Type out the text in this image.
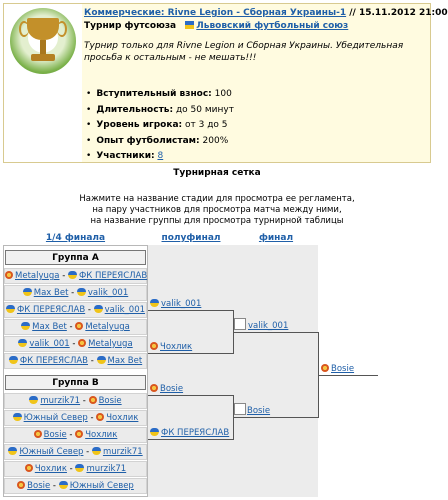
Коммерческие: Rivne Legion - Сборная Украины-1 // 15.11.2012 21:00
Турнир футсоюза Львовский футбольный союз
Турнир только для Rivne Legion и Сборная Украины. Убедительная просьба к остальным - не мешать!!!
• Вступительный взнос: 100
• Длительность: до 50 минут
• Уровень игрока: от 3 до 5
• Опыт футболистам: 200%
• Участники: 8
Турнирная сетка
Нажмите на название стадии для просмотра ее регламента,
на пару участников для просмотра матча между ними,
на название группы для просмотра турнирной таблицы
1/4 финала	полуфинал	финал
Группа A
Metalyuga - ФК ПЕРЕЯСЛАВ
Max Bet - valik_001
ФК ПЕРЕЯСЛАВ - valik_001
Max Bet - Metalyuga
valik_001 - Metalyuga
ФК ПЕРЕЯСЛАВ - Max Bet
Группа B
murzik71 - Bosie
Южный Север - Чохлик
Bosie - Чохлик
Южный Север - murzik71
Чохлик - murzik71
Bosie - Южный Север
valik_001
Чохлик
Bosie
ФК ПЕРЕЯСЛАВ
valik_001
Bosie
Bosie
